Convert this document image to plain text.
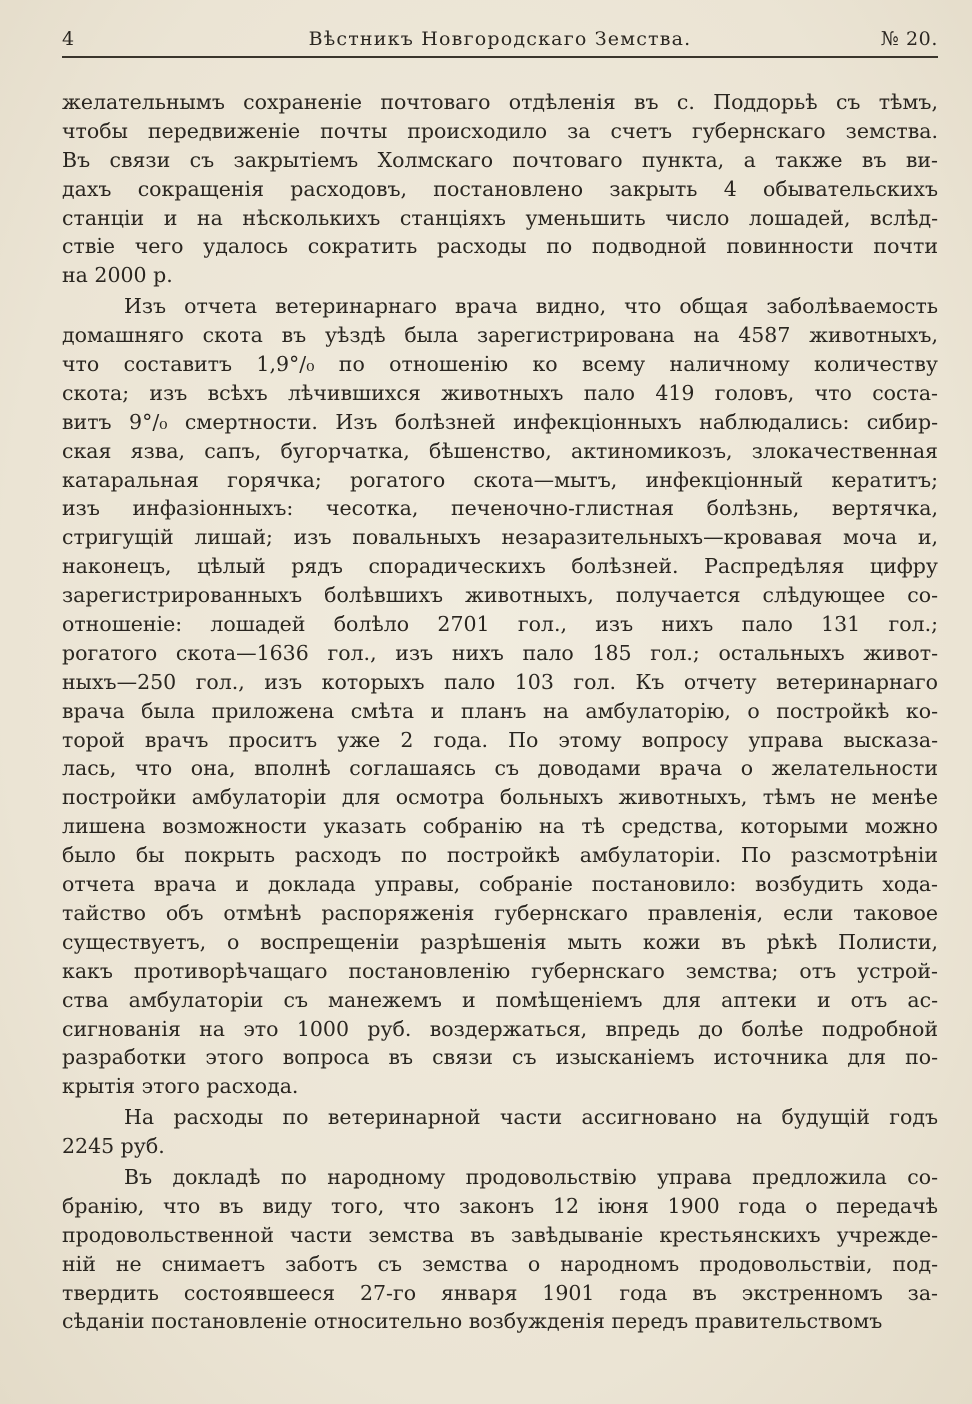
4	Вѣстникъ Новгородскаго Земства.	№ 20.
желательнымъ сохраненіе почтоваго отдѣленія въ с. Поддорьѣ съ тѣмъ,
чтобы передвиженіе почты происходило за счетъ губернскаго земства.
Въ связи съ закрытіемъ Холмскаго почтоваго пункта, а также въ ви-
дахъ сокращенія расходовъ, постановлено закрыть 4 обывательскихъ
станціи и на нѣсколькихъ станціяхъ уменьшить число лошадей, вслѣд-
ствіе чего удалось сократить расходы по подводной повинности почти
на 2000 р.
Изъ отчета ветеринарнаго врача видно, что общая заболѣваемость
домашняго скота въ уѣздѣ была зарегистрирована на 4587 животныхъ,
что составитъ 1,9°/₀ по отношенію ко всему наличному количеству
скота; изъ всѣхъ лѣчившихся животныхъ пало 419 головъ, что соста-
витъ 9°/₀ смертности. Изъ болѣзней инфекціонныхъ наблюдались: сибир-
ская язва, сапъ, бугорчатка, бѣшенство, актиномикозъ, злокачественная
катаральная горячка; рогатого скота—мытъ, инфекціонный кератитъ;
изъ инфазіонныхъ: чесотка, печеночно-глистная болѣзнь, вертячка,
стригущій лишай; изъ повальныхъ незаразительныхъ—кровавая моча и,
наконецъ, цѣлый рядъ спорадическихъ болѣзней. Распредѣляя цифру
зарегистрированныхъ болѣвшихъ животныхъ, получается слѣдующее со-
отношеніе: лошадей болѣло 2701 гол., изъ нихъ пало 131 гол.;
рогатого скота—1636 гол., изъ нихъ пало 185 гол.; остальныхъ живот-
ныхъ—250 гол., изъ которыхъ пало 103 гол. Къ отчету ветеринарнаго
врача была приложена смѣта и планъ на амбулаторію, о постройкѣ ко-
торой врачъ проситъ уже 2 года. По этому вопросу управа высказа-
лась, что она, вполнѣ соглашаясь съ доводами врача о желательности
постройки амбулаторіи для осмотра больныхъ животныхъ, тѣмъ не менѣе
лишена возможности указать собранію на тѣ средства, которыми можно
было бы покрыть расходъ по постройкѣ амбулаторіи. По разсмотрѣніи
отчета врача и доклада управы, собраніе постановило: возбудить хода-
тайство объ отмѣнѣ распоряженія губернскаго правленія, если таковое
существуетъ, о воспрещеніи разрѣшенія мыть кожи въ рѣкѣ Полисти,
какъ противорѣчащаго постановленію губернскаго земства; отъ устрой-
ства амбулаторіи съ манежемъ и помѣщеніемъ для аптеки и отъ ас-
сигнованія на это 1000 руб. воздержаться, впредь до болѣе подробной
разработки этого вопроса въ связи съ изысканіемъ источника для по-
крытія этого расхода.
На расходы по ветеринарной части ассигновано на будущій годъ
2245 руб.
Въ докладѣ по народному продовольствію управа предложила со-
бранію, что въ виду того, что законъ 12 іюня 1900 года о передачѣ
продовольственной части земства въ завѣдываніе крестьянскихъ учрежде-
ній не снимаетъ заботъ съ земства о народномъ продовольствіи, под-
твердить состоявшееся 27-го января 1901 года въ экстренномъ за-
сѣданіи постановленіе относительно возбужденія передъ правительствомъ
